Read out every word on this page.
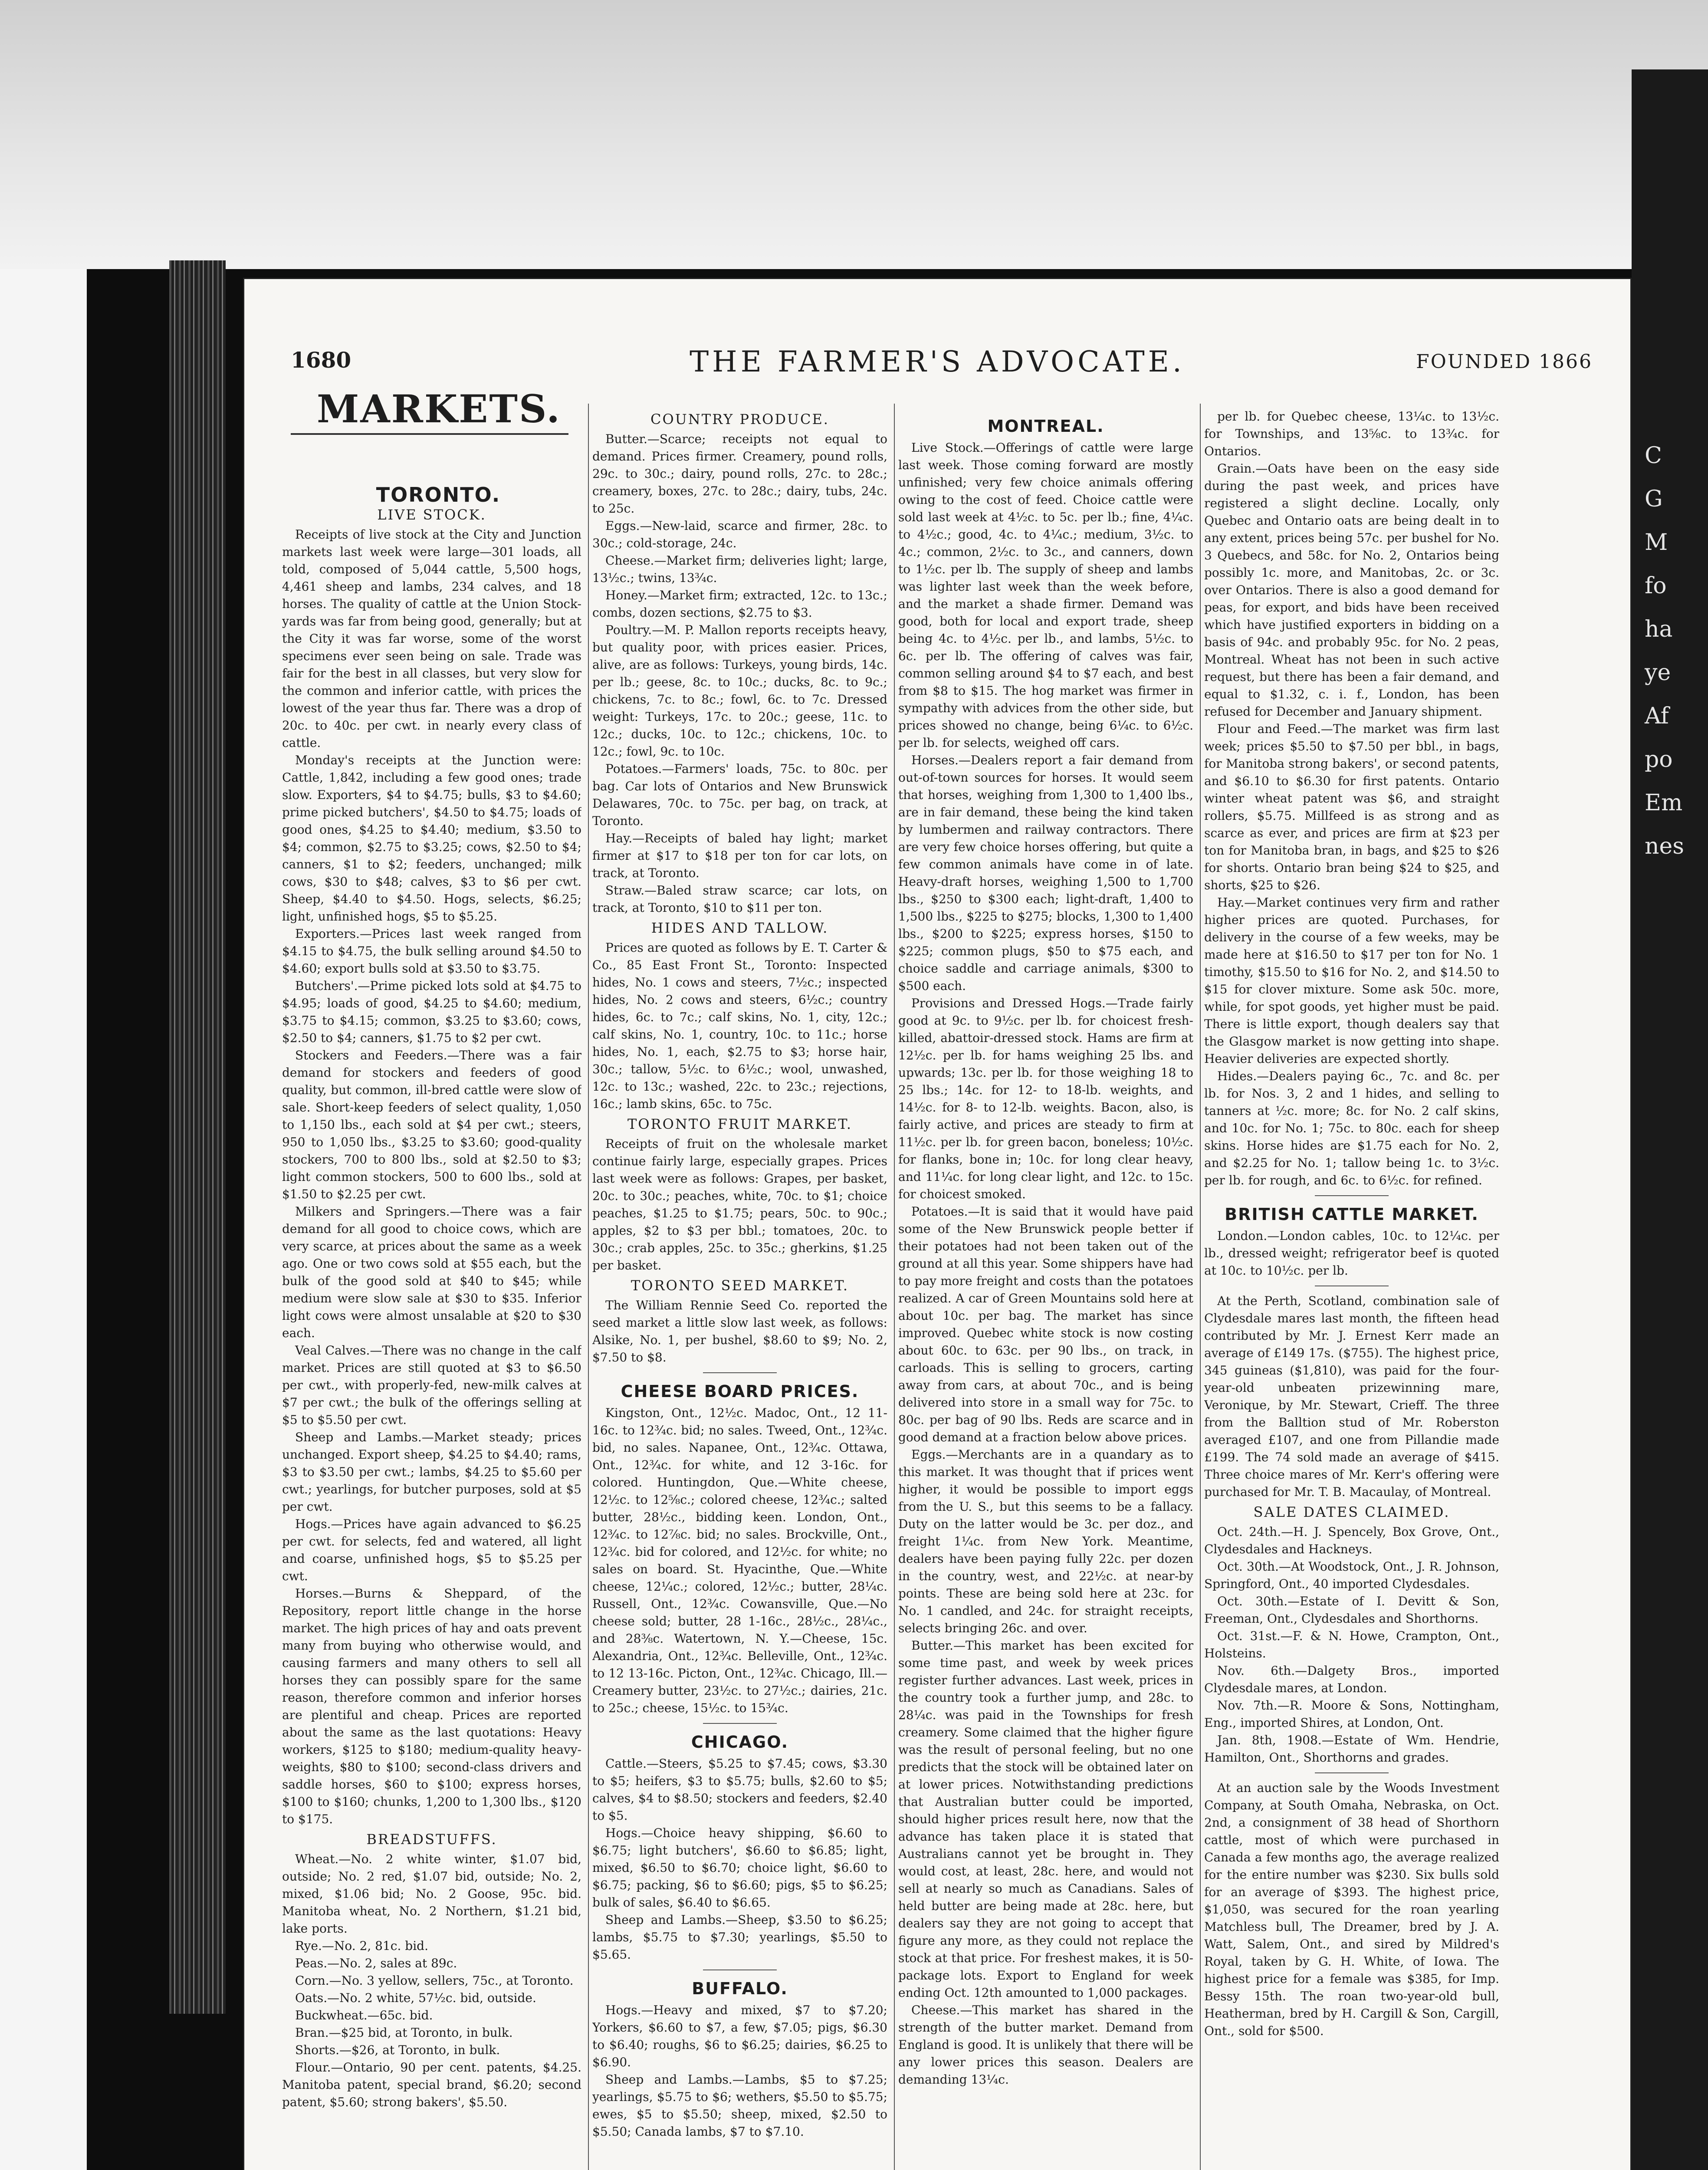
C
G
M
fo
ha
ye
Af
po
Em
nes
1680	THE FARMER'S ADVOCATE.	FOUNDED 1866
MARKETS.

TORONTO.

LIVE STOCK.

Receipts of live stock at the City and Junction markets last week were large—301 loads, all told, composed of 5,044 cattle, 5,500 hogs, 4,461 sheep and lambs, 234 calves, and 18 horses. The quality of cattle at the Union Stock-yards was far from being good, generally; but at the City it was far worse, some of the worst specimens ever seen being on sale. Trade was fair for the best in all classes, but very slow for the common and inferior cattle, with prices the lowest of the year thus far. There was a drop of 20c. to 40c. per cwt. in nearly every class of cattle.

Monday's receipts at the Junction were: Cattle, 1,842, including a few good ones; trade slow. Exporters, $4 to $4.75; bulls, $3 to $4.60; prime picked butchers', $4.50 to $4.75; loads of good ones, $4.25 to $4.40; medium, $3.50 to $4; common, $2.75 to $3.25; cows, $2.50 to $4; canners, $1 to $2; feeders, unchanged; milk cows, $30 to $48; calves, $3 to $6 per cwt. Sheep, $4.40 to $4.50. Hogs, selects, $6.25; light, unfinished hogs, $5 to $5.25.

Exporters.—Prices last week ranged from $4.15 to $4.75, the bulk selling around $4.50 to $4.60; export bulls sold at $3.50 to $3.75.

Butchers'.—Prime picked lots sold at $4.75 to $4.95; loads of good, $4.25 to $4.60; medium, $3.75 to $4.15; common, $3.25 to $3.60; cows, $2.50 to $4; canners, $1.75 to $2 per cwt.

Stockers and Feeders.—There was a fair demand for stockers and feeders of good quality, but common, ill-bred cattle were slow of sale. Short-keep feeders of select quality, 1,050 to 1,150 lbs., each sold at $4 per cwt.; steers, 950 to 1,050 lbs., $3.25 to $3.60; good-quality stockers, 700 to 800 lbs., sold at $2.50 to $3; light common stockers, 500 to 600 lbs., sold at $1.50 to $2.25 per cwt.

Milkers and Springers.—There was a fair demand for all good to choice cows, which are very scarce, at prices about the same as a week ago. One or two cows sold at $55 each, but the bulk of the good sold at $40 to $45; while medium were slow sale at $30 to $35. Inferior light cows were almost unsalable at $20 to $30 each.

Veal Calves.—There was no change in the calf market. Prices are still quoted at $3 to $6.50 per cwt., with properly-fed, new-milk calves at $7 per cwt.; the bulk of the offerings selling at $5 to $5.50 per cwt.

Sheep and Lambs.—Market steady; prices unchanged. Export sheep, $4.25 to $4.40; rams, $3 to $3.50 per cwt.; lambs, $4.25 to $5.60 per cwt.; yearlings, for butcher purposes, sold at $5 per cwt.

Hogs.—Prices have again advanced to $6.25 per cwt. for selects, fed and watered, all light and coarse, unfinished hogs, $5 to $5.25 per cwt.

Horses.—Burns & Sheppard, of the Repository, report little change in the horse market. The high prices of hay and oats prevent many from buying who otherwise would, and causing farmers and many others to sell all horses they can possibly spare for the same reason, therefore common and inferior horses are plentiful and cheap. Prices are reported about the same as the last quotations: Heavy workers, $125 to $180; medium-quality heavy-weights, $80 to $100; second-class drivers and saddle horses, $60 to $100; express horses, $100 to $160; chunks, 1,200 to 1,300 lbs., $120 to $175.

BREADSTUFFS.

Wheat.—No. 2 white winter, $1.07 bid, outside; No. 2 red, $1.07 bid, outside; No. 2, mixed, $1.06 bid; No. 2 Goose, 95c. bid. Manitoba wheat, No. 2 Northern, $1.21 bid, lake ports.

Rye.—No. 2, 81c. bid.

Peas.—No. 2, sales at 89c.

Corn.—No. 3 yellow, sellers, 75c., at Toronto.

Oats.—No. 2 white, 57½c. bid, outside.

Buckwheat.—65c. bid.

Bran.—$25 bid, at Toronto, in bulk.

Shorts.—$26, at Toronto, in bulk.

Flour.—Ontario, 90 per cent. patents, $4.25. Manitoba patent, special brand, $6.20; second patent, $5.60; strong bakers', $5.50.

COUNTRY PRODUCE.

Butter.—Scarce; receipts not equal to demand. Prices firmer. Creamery, pound rolls, 29c. to 30c.; dairy, pound rolls, 27c. to 28c.; creamery, boxes, 27c. to 28c.; dairy, tubs, 24c. to 25c.

Eggs.—New-laid, scarce and firmer, 28c. to 30c.; cold-storage, 24c.

Cheese.—Market firm; deliveries light; large, 13½c.; twins, 13¾c.

Honey.—Market firm; extracted, 12c. to 13c.; combs, dozen sections, $2.75 to $3.

Poultry.—M. P. Mallon reports receipts heavy, but quality poor, with prices easier. Prices, alive, are as follows: Turkeys, young birds, 14c. per lb.; geese, 8c. to 10c.; ducks, 8c. to 9c.; chickens, 7c. to 8c.; fowl, 6c. to 7c. Dressed weight: Turkeys, 17c. to 20c.; geese, 11c. to 12c.; ducks, 10c. to 12c.; chickens, 10c. to 12c.; fowl, 9c. to 10c.

Potatoes.—Farmers' loads, 75c. to 80c. per bag. Car lots of Ontarios and New Brunswick Delawares, 70c. to 75c. per bag, on track, at Toronto.

Hay.—Receipts of baled hay light; market firmer at $17 to $18 per ton for car lots, on track, at Toronto.

Straw.—Baled straw scarce; car lots, on track, at Toronto, $10 to $11 per ton.

HIDES AND TALLOW.

Prices are quoted as follows by E. T. Carter & Co., 85 East Front St., Toronto: Inspected hides, No. 1 cows and steers, 7½c.; inspected hides, No. 2 cows and steers, 6½c.; country hides, 6c. to 7c.; calf skins, No. 1, city, 12c.; calf skins, No. 1, country, 10c. to 11c.; horse hides, No. 1, each, $2.75 to $3; horse hair, 30c.; tallow, 5½c. to 6½c.; wool, unwashed, 12c. to 13c.; washed, 22c. to 23c.; rejections, 16c.; lamb skins, 65c. to 75c.

TORONTO FRUIT MARKET.

Receipts of fruit on the wholesale market continue fairly large, especially grapes. Prices last week were as follows: Grapes, per basket, 20c. to 30c.; peaches, white, 70c. to $1; choice peaches, $1.25 to $1.75; pears, 50c. to 90c.; apples, $2 to $3 per bbl.; tomatoes, 20c. to 30c.; crab apples, 25c. to 35c.; gherkins, $1.25 per basket.

TORONTO SEED MARKET.

The William Rennie Seed Co. reported the seed market a little slow last week, as follows: Alsike, No. 1, per bushel, $8.60 to $9; No. 2, $7.50 to $8.

CHEESE BOARD PRICES.

Kingston, Ont., 12½c. Madoc, Ont., 12 11-16c. to 12¾c. bid; no sales. Tweed, Ont., 12¾c. bid, no sales. Napanee, Ont., 12¾c. Ottawa, Ont., 12¾c. for white, and 12 3-16c. for colored. Huntingdon, Que.—White cheese, 12½c. to 12⅝c.; colored cheese, 12¾c.; salted butter, 28½c., bidding keen. London, Ont., 12¾c. to 12⅞c. bid; no sales. Brockville, Ont., 12¾c. bid for colored, and 12½c. for white; no sales on board. St. Hyacinthe, Que.—White cheese, 12¼c.; colored, 12½c.; butter, 28¼c. Russell, Ont., 12¾c. Cowansville, Que.—No cheese sold; butter, 28 1-16c., 28½c., 28¼c., and 28⅜c. Watertown, N. Y.—Cheese, 15c. Alexandria, Ont., 12¾c. Belleville, Ont., 12¾c. to 12 13-16c. Picton, Ont., 12¾c. Chicago, Ill.—Creamery butter, 23½c. to 27½c.; dairies, 21c. to 25c.; cheese, 15½c. to 15¾c.

CHICAGO.

Cattle.—Steers, $5.25 to $7.45; cows, $3.30 to $5; heifers, $3 to $5.75; bulls, $2.60 to $5; calves, $4 to $8.50; stockers and feeders, $2.40 to $5.

Hogs.—Choice heavy shipping, $6.60 to $6.75; light butchers', $6.60 to $6.85; light, mixed, $6.50 to $6.70; choice light, $6.60 to $6.75; packing, $6 to $6.60; pigs, $5 to $6.25; bulk of sales, $6.40 to $6.65.

Sheep and Lambs.—Sheep, $3.50 to $6.25; lambs, $5.75 to $7.30; yearlings, $5.50 to $5.65.

BUFFALO.

Hogs.—Heavy and mixed, $7 to $7.20; Yorkers, $6.60 to $7, a few, $7.05; pigs, $6.30 to $6.40; roughs, $6 to $6.25; dairies, $6.25 to $6.90.

Sheep and Lambs.—Lambs, $5 to $7.25; yearlings, $5.75 to $6; wethers, $5.50 to $5.75; ewes, $5 to $5.50; sheep, mixed, $2.50 to $5.50; Canada lambs, $7 to $7.10.

MONTREAL.

Live Stock.—Offerings of cattle were large last week. Those coming forward are mostly unfinished; very few choice animals offering owing to the cost of feed. Choice cattle were sold last week at 4½c. to 5c. per lb.; fine, 4¼c. to 4½c.; good, 4c. to 4¼c.; medium, 3½c. to 4c.; common, 2½c. to 3c., and canners, down to 1½c. per lb. The supply of sheep and lambs was lighter last week than the week before, and the market a shade firmer. Demand was good, both for local and export trade, sheep being 4c. to 4½c. per lb., and lambs, 5½c. to 6c. per lb. The offering of calves was fair, common selling around $4 to $7 each, and best from $8 to $15. The hog market was firmer in sympathy with advices from the other side, but prices showed no change, being 6¼c. to 6½c. per lb. for selects, weighed off cars.

Horses.—Dealers report a fair demand from out-of-town sources for horses. It would seem that horses, weighing from 1,300 to 1,400 lbs., are in fair demand, these being the kind taken by lumbermen and railway contractors. There are very few choice horses offering, but quite a few common animals have come in of late. Heavy-draft horses, weighing 1,500 to 1,700 lbs., $250 to $300 each; light-draft, 1,400 to 1,500 lbs., $225 to $275; blocks, 1,300 to 1,400 lbs., $200 to $225; express horses, $150 to $225; common plugs, $50 to $75 each, and choice saddle and carriage animals, $300 to $500 each.

Provisions and Dressed Hogs.—Trade fairly good at 9c. to 9½c. per lb. for choicest fresh-killed, abattoir-dressed stock. Hams are firm at 12½c. per lb. for hams weighing 25 lbs. and upwards; 13c. per lb. for those weighing 18 to 25 lbs.; 14c. for 12- to 18-lb. weights, and 14½c. for 8- to 12-lb. weights. Bacon, also, is fairly active, and prices are steady to firm at 11½c. per lb. for green bacon, boneless; 10½c. for flanks, bone in; 10c. for long clear heavy, and 11¼c. for long clear light, and 12c. to 15c. for choicest smoked.

Potatoes.—It is said that it would have paid some of the New Brunswick people better if their potatoes had not been taken out of the ground at all this year. Some shippers have had to pay more freight and costs than the potatoes realized. A car of Green Mountains sold here at about 10c. per bag. The market has since improved. Quebec white stock is now costing about 60c. to 63c. per 90 lbs., on track, in carloads. This is selling to grocers, carting away from cars, at about 70c., and is being delivered into store in a small way for 75c. to 80c. per bag of 90 lbs. Reds are scarce and in good demand at a fraction below above prices.

Eggs.—Merchants are in a quandary as to this market. It was thought that if prices went higher, it would be possible to import eggs from the U. S., but this seems to be a fallacy. Duty on the latter would be 3c. per doz., and freight 1¼c. from New York. Meantime, dealers have been paying fully 22c. per dozen in the country, west, and 22½c. at near-by points. These are being sold here at 23c. for No. 1 candled, and 24c. for straight receipts, selects bringing 26c. and over.

Butter.—This market has been excited for some time past, and week by week prices register further advances. Last week, prices in the country took a further jump, and 28c. to 28¼c. was paid in the Townships for fresh creamery. Some claimed that the higher figure was the result of personal feeling, but no one predicts that the stock will be obtained later on at lower prices. Notwithstanding predictions that Australian butter could be imported, should higher prices result here, now that the advance has taken place it is stated that Australians cannot yet be brought in. They would cost, at least, 28c. here, and would not sell at nearly so much as Canadians. Sales of held butter are being made at 28c. here, but dealers say they are not going to accept that figure any more, as they could not replace the stock at that price. For freshest makes, it is 50-package lots. Export to England for week ending Oct. 12th amounted to 1,000 packages.

Cheese.—This market has shared in the strength of the butter market. Demand from England is good. It is unlikely that there will be any lower prices this season. Dealers are demanding 13¼c.

per lb. for Quebec cheese, 13¼c. to 13½c. for Townships, and 13⅝c. to 13¾c. for Ontarios.

Grain.—Oats have been on the easy side during the past week, and prices have registered a slight decline. Locally, only Quebec and Ontario oats are being dealt in to any extent, prices being 57c. per bushel for No. 3 Quebecs, and 58c. for No. 2, Ontarios being possibly 1c. more, and Manitobas, 2c. or 3c. over Ontarios. There is also a good demand for peas, for export, and bids have been received which have justified exporters in bidding on a basis of 94c. and probably 95c. for No. 2 peas, Montreal. Wheat has not been in such active request, but there has been a fair demand, and equal to $1.32, c. i. f., London, has been refused for December and January shipment.

Flour and Feed.—The market was firm last week; prices $5.50 to $7.50 per bbl., in bags, for Manitoba strong bakers', or second patents, and $6.10 to $6.30 for first patents. Ontario winter wheat patent was $6, and straight rollers, $5.75. Millfeed is as strong and as scarce as ever, and prices are firm at $23 per ton for Manitoba bran, in bags, and $25 to $26 for shorts. Ontario bran being $24 to $25, and shorts, $25 to $26.

Hay.—Market continues very firm and rather higher prices are quoted. Purchases, for delivery in the course of a few weeks, may be made here at $16.50 to $17 per ton for No. 1 timothy, $15.50 to $16 for No. 2, and $14.50 to $15 for clover mixture. Some ask 50c. more, while, for spot goods, yet higher must be paid. There is little export, though dealers say that the Glasgow market is now getting into shape. Heavier deliveries are expected shortly.

Hides.—Dealers paying 6c., 7c. and 8c. per lb. for Nos. 3, 2 and 1 hides, and selling to tanners at ½c. more; 8c. for No. 2 calf skins, and 10c. for No. 1; 75c. to 80c. each for sheep skins. Horse hides are $1.75 each for No. 2, and $2.25 for No. 1; tallow being 1c. to 3½c. per lb. for rough, and 6c. to 6½c. for refined.

BRITISH CATTLE MARKET.

London.—London cables, 10c. to 12¼c. per lb., dressed weight; refrigerator beef is quoted at 10c. to 10½c. per lb.

At the Perth, Scotland, combination sale of Clydesdale mares last month, the fifteen head contributed by Mr. J. Ernest Kerr made an average of £149 17s. ($755). The highest price, 345 guineas ($1,810), was paid for the four-year-old unbeaten prizewinning mare, Veronique, by Mr. Stewart, Crieff. The three from the Balltion stud of Mr. Roberston averaged £107, and one from Pillandie made £199. The 74 sold made an average of $415. Three choice mares of Mr. Kerr's offering were purchased for Mr. T. B. Macaulay, of Montreal.

SALE DATES CLAIMED.

Oct. 24th.—H. J. Spencely, Box Grove, Ont., Clydesdales and Hackneys.

Oct. 30th.—At Woodstock, Ont., J. R. Johnson, Springford, Ont., 40 imported Clydesdales.

Oct. 30th.—Estate of I. Devitt & Son, Freeman, Ont., Clydesdales and Shorthorns.

Oct. 31st.—F. & N. Howe, Crampton, Ont., Holsteins.

Nov. 6th.—Dalgety Bros., imported Clydesdale mares, at London.

Nov. 7th.—R. Moore & Sons, Nottingham, Eng., imported Shires, at London, Ont.

Jan. 8th, 1908.—Estate of Wm. Hendrie, Hamilton, Ont., Shorthorns and grades.

At an auction sale by the Woods Investment Company, at South Omaha, Nebraska, on Oct. 2nd, a consignment of 38 head of Shorthorn cattle, most of which were purchased in Canada a few months ago, the average realized for the entire number was $230. Six bulls sold for an average of $393. The highest price, $1,050, was secured for the roan yearling Matchless bull, The Dreamer, bred by J. A. Watt, Salem, Ont., and sired by Mildred's Royal, taken by G. H. White, of Iowa. The highest price for a female was $385, for Imp. Bessy 15th. The roan two-year-old bull, Heatherman, bred by H. Cargill & Son, Cargill, Ont., sold for $500.
